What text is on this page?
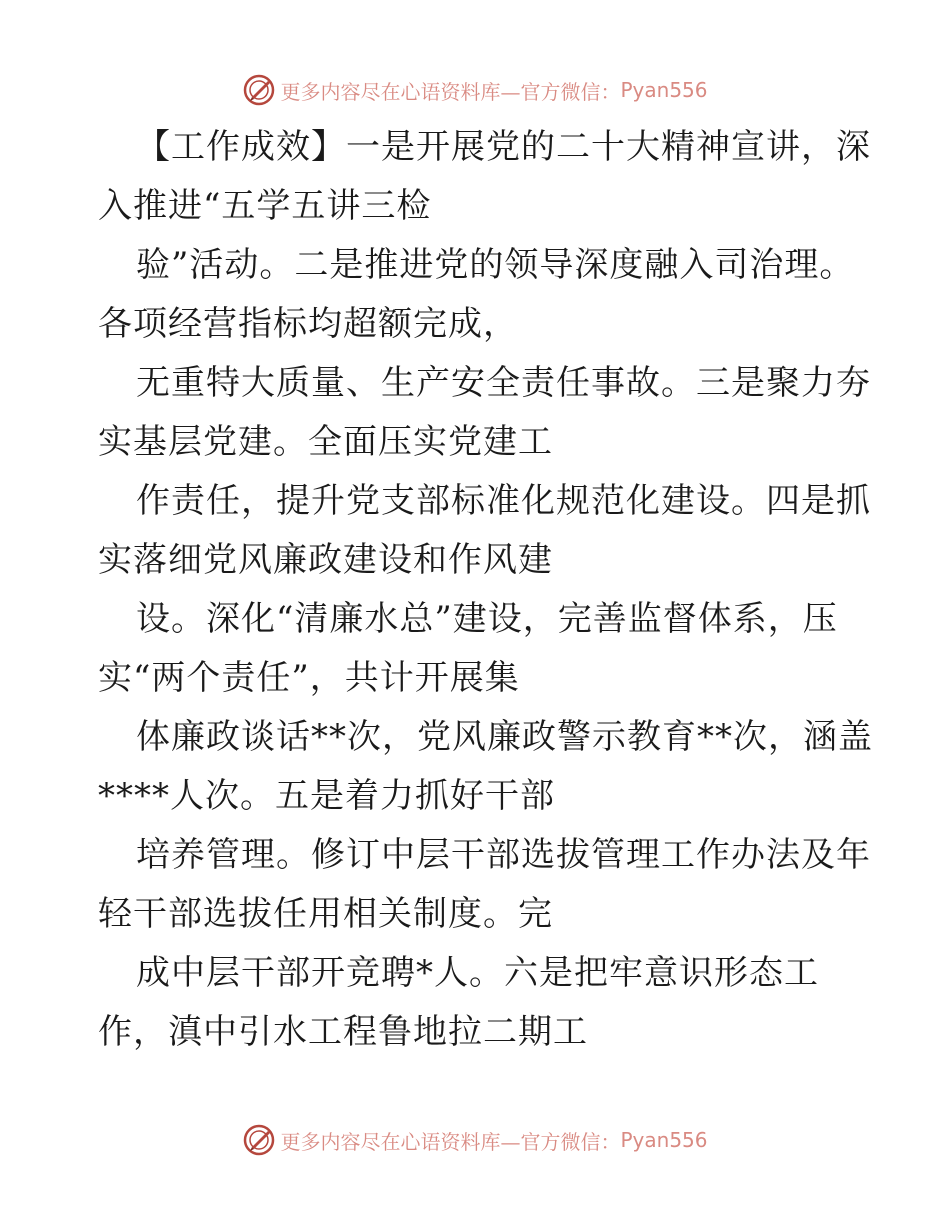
更多内容尽在心语资料库—官方微信： Pyan556
【工作成效】一是开展党的二十大精神宣讲，深
入推进“五学五讲三检
验”活动。二是推进党的领导深度融入司治理。
各项经营指标均超额完成，
无重特大质量、生产安全责任事故。三是聚力夯
实基层党建。全面压实党建工
作责任，提升党支部标准化规范化建设。四是抓
实落细党风廉政建设和作风建
设。深化“清廉水总”建设，完善监督体系，压
实“两个责任”，共计开展集
体廉政谈话**次，党风廉政警示教育**次，涵盖
****人次。五是着力抓好干部
培养管理。修订中层干部选拔管理工作办法及年
轻干部选拔任用相关制度。完
成中层干部开竞聘*人。六是把牢意识形态工
作，滇中引水工程鲁地拉二期工
更多内容尽在心语资料库—官方微信： Pyan556
